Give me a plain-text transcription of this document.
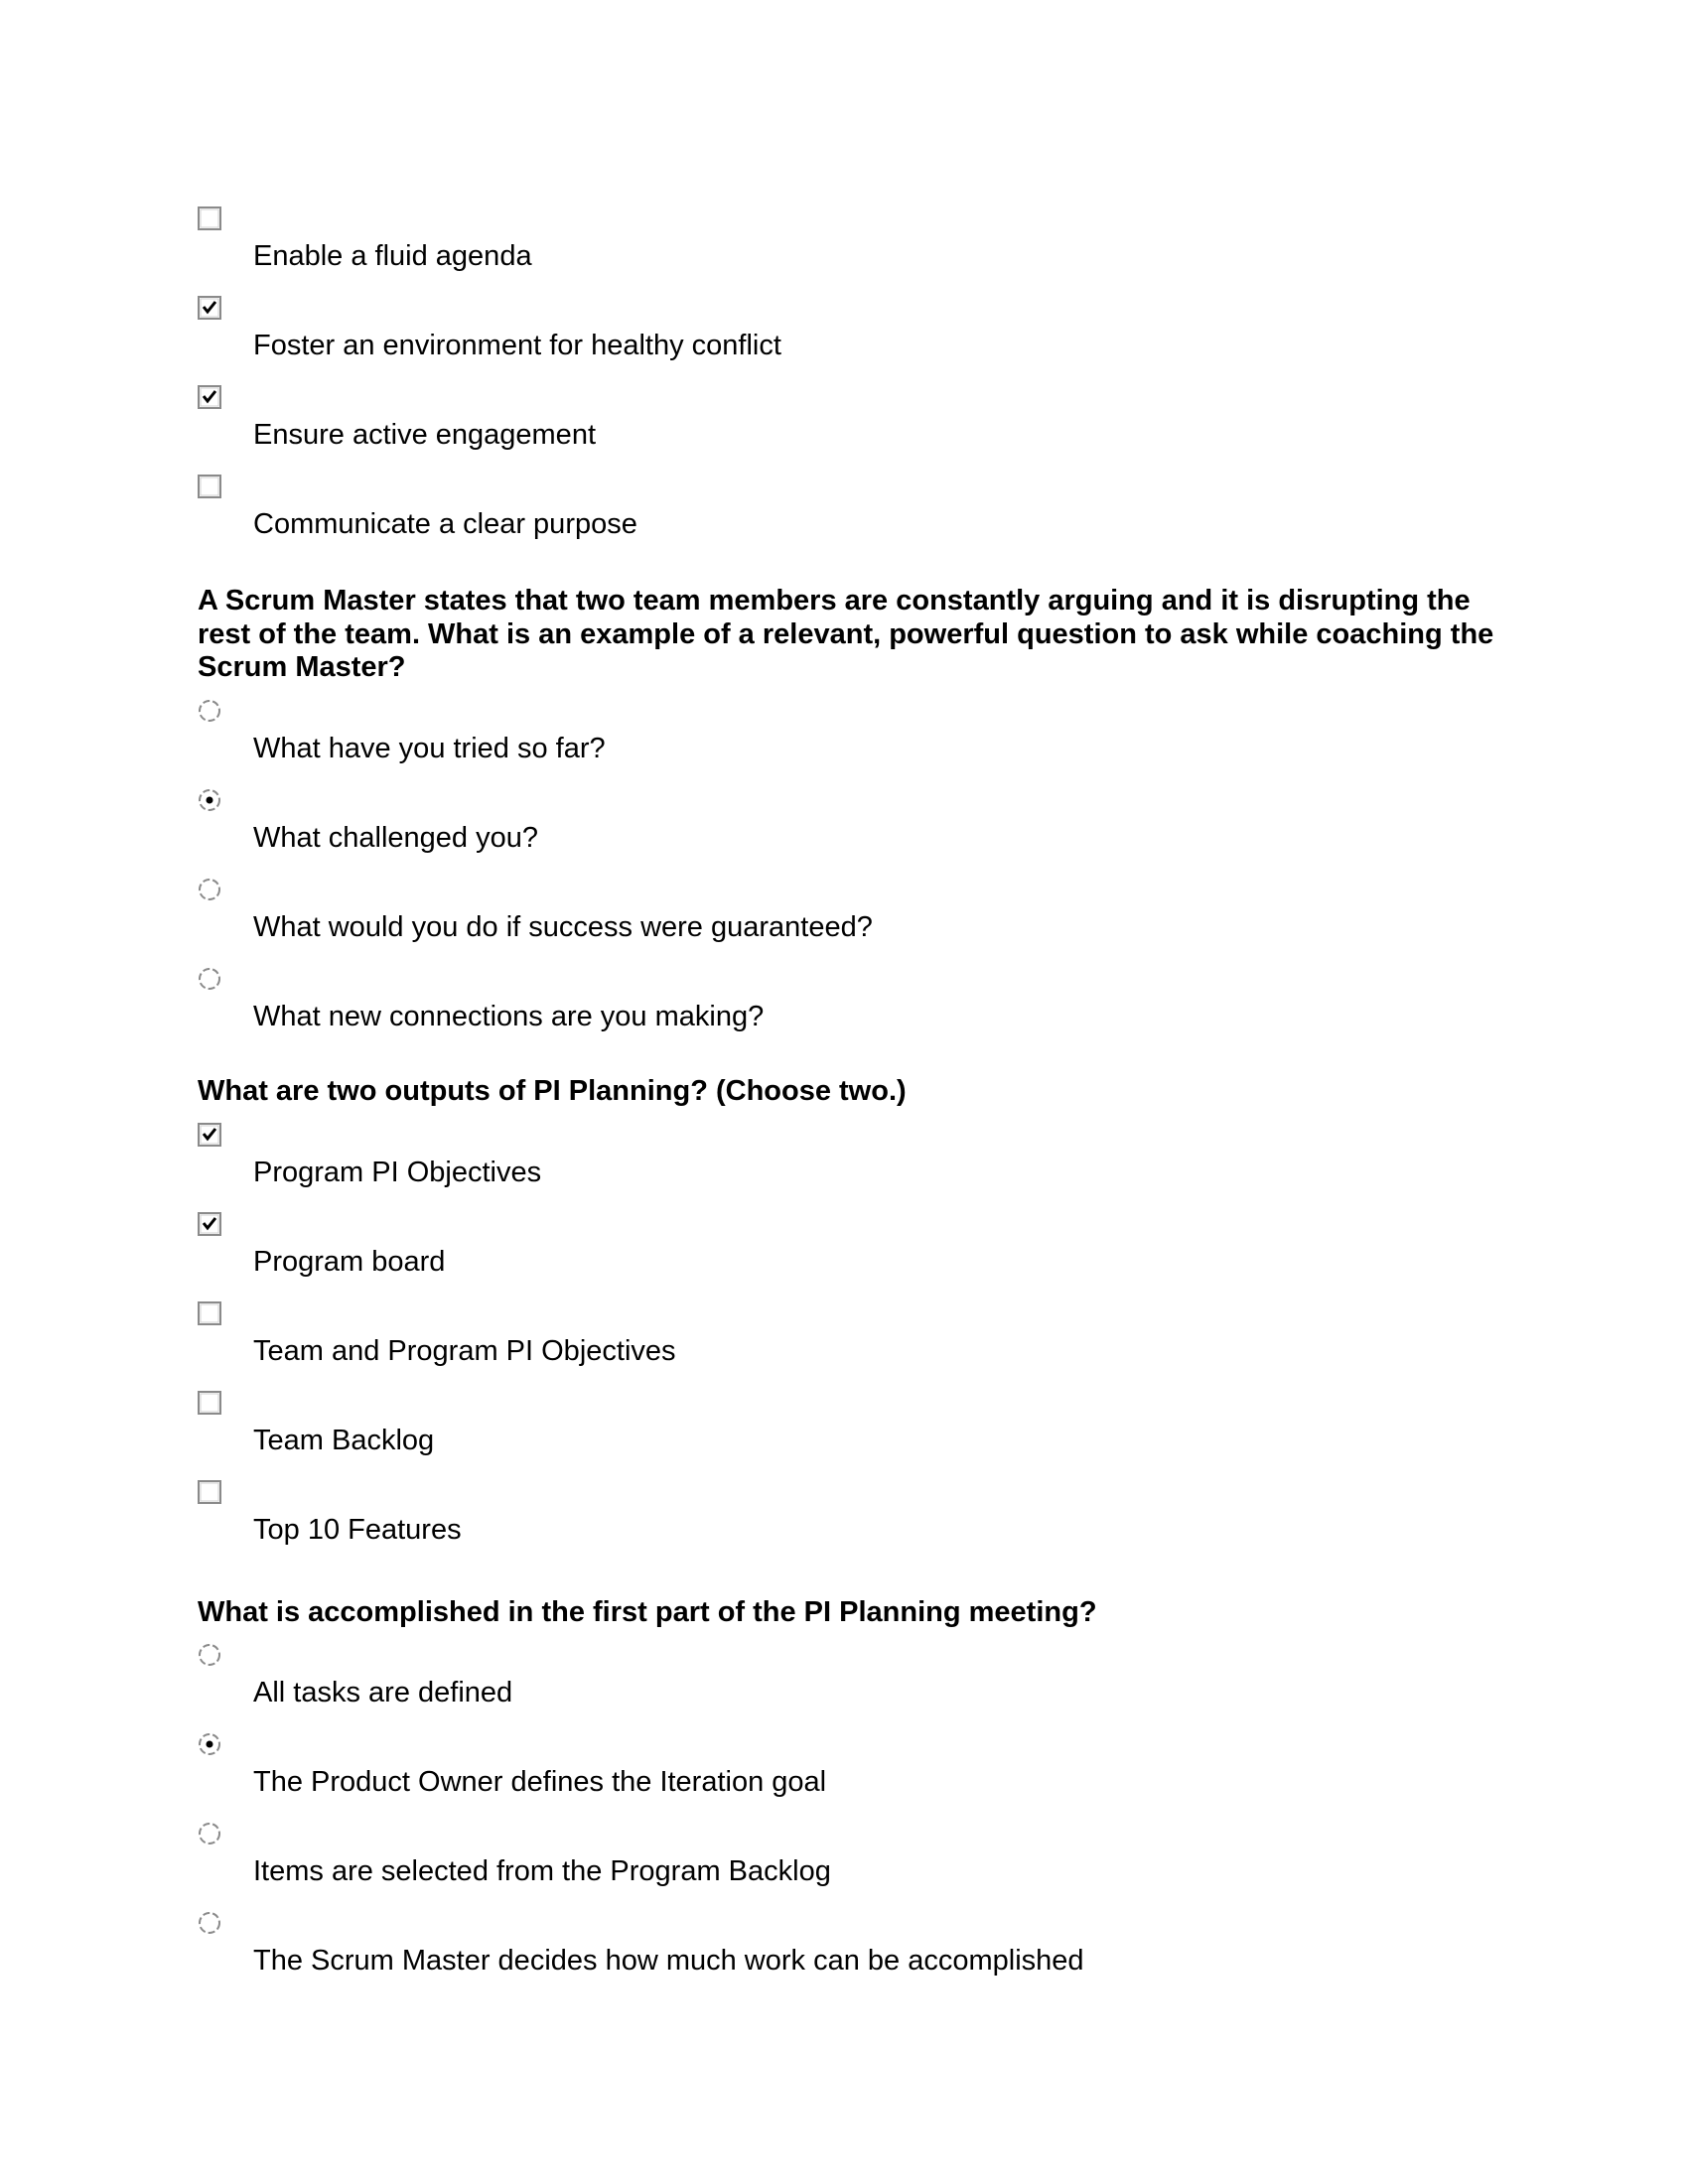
Enable a fluid agenda
Foster an environment for healthy conflict
Ensure active engagement
Communicate a clear purpose
A Scrum Master states that two team members are constantly arguing and it is disrupting the rest of the team. What is an example of a relevant, powerful question to ask while coaching the Scrum Master?
What have you tried so far?
What challenged you?
What would you do if success were guaranteed?
What new connections are you making?
What are two outputs of PI Planning? (Choose two.)
Program PI Objectives
Program board
Team and Program PI Objectives
Team Backlog
Top 10 Features
What is accomplished in the first part of the PI Planning meeting?
All tasks are defined
The Product Owner defines the Iteration goal
Items are selected from the Program Backlog
The Scrum Master decides how much work can be accomplished
